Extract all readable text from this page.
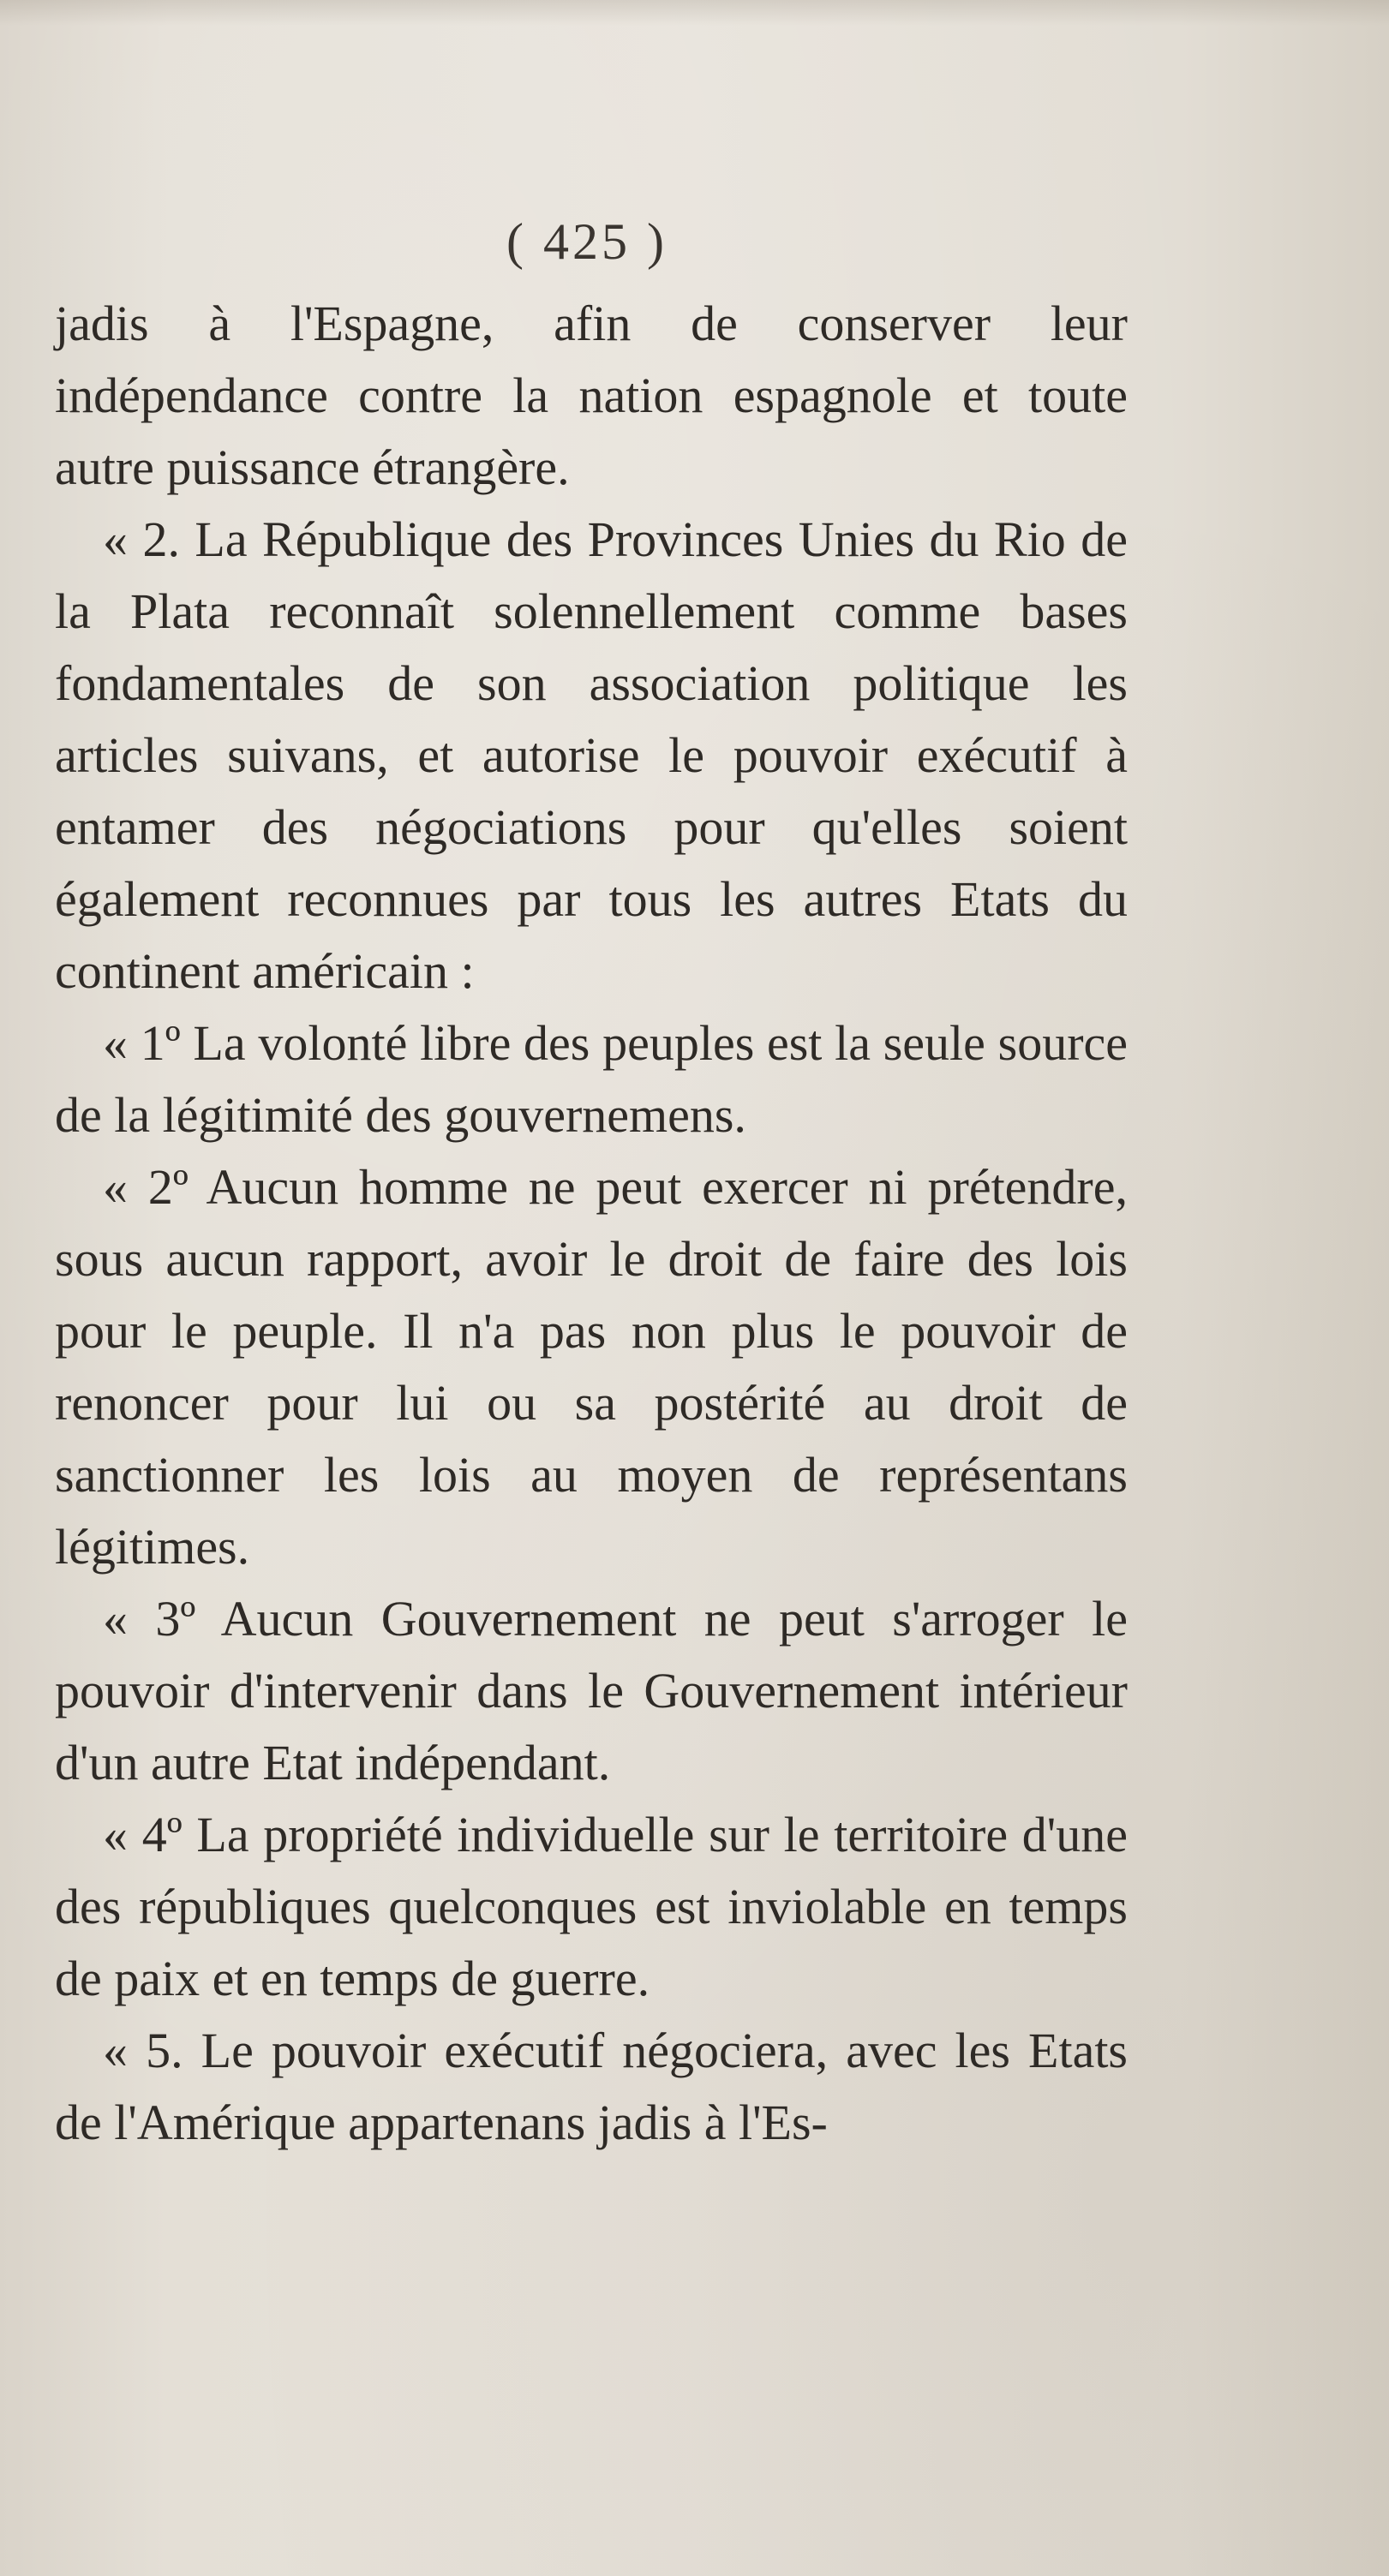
( 425 )

jadis à l'Espagne, afin de conserver leur indépendance contre la nation espagnole et toute autre puissance étrangère.

« 2. La République des Provinces Unies du Rio de la Plata reconnaît solennellement comme bases fondamentales de son association politique les articles suivans, et autorise le pouvoir exécutif à entamer des négociations pour qu'elles soient également reconnues par tous les autres Etats du continent américain :

« 1º La volonté libre des peuples est la seule source de la légitimité des gouvernemens.

« 2º Aucun homme ne peut exercer ni prétendre, sous aucun rapport, avoir le droit de faire des lois pour le peuple. Il n'a pas non plus le pouvoir de renoncer pour lui ou sa postérité au droit de sanctionner les lois au moyen de représentans légitimes.

« 3º Aucun Gouvernement ne peut s'arroger le pouvoir d'intervenir dans le Gouvernement intérieur d'un autre Etat indépendant.

« 4º La propriété individuelle sur le territoire d'une des républiques quelconques est inviolable en temps de paix et en temps de guerre.

« 5. Le pouvoir exécutif négociera, avec les Etats de l'Amérique appartenans jadis à l'Es-
